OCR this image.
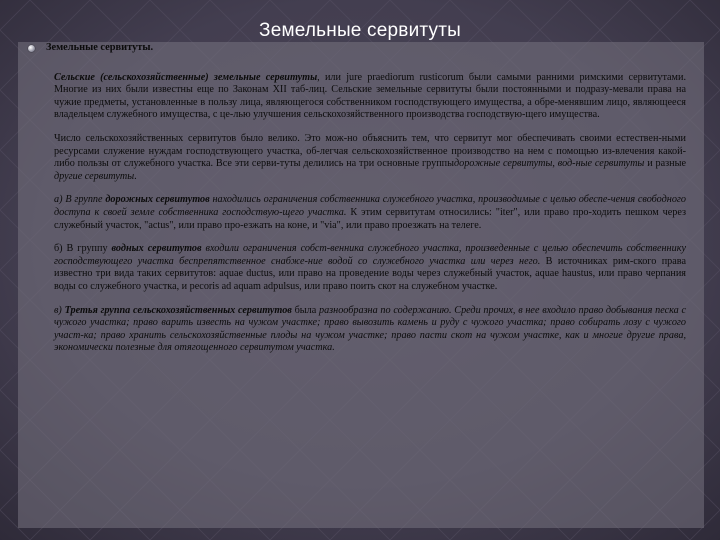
Земельные сервитуты
Земельные сервитуты.

Сельские (сельскохозяйственные) земельные сервитуты, или jure praediorum rusticorum были самыми ранними римскими сервитутами. Многие из них были известны еще по Законам XII таб-лиц. Сельские земельные сервитуты были постоянными и подразу-мевали права на чужие предметы, установленные в пользу лица, являющегося собственником господствующего имущества, а обре-менявшим лицо, являющееся владельцем служебного имущества, с це-лью улучшения сельскохозяйственного производства господствую-щего имущества.

Число сельскохозяйственных сервитутов было велико. Это мож-но объяснить тем, что сервитут мог обеспечивать своими естествен-ными ресурсами служение нуждам господствующего участка, об-легчая сельскохозяйственное производство на нем с помощью из-влечения какой-либо пользы от служебного участка. Все эти серви-туты делились на три основные группыдорожные сервитуты, вод-ные сервитуты и разные другие сервитуты.

а) В группе дорожных сервитутов находились ограничения собственника служебного участка, производимые с целью обеспе-чения свободного доступа к своей земле собственника господствую-щего участка. К этим сервитутам относились: "iter", или право про-ходить пешком через служебный участок, "actus", или право про-езжать на коне, и "via", или право проезжать на телеге.

б) В группу водных сервитутов входили ограничения собст-венника служебного участка, произведенные с целью обеспечить собственнику господствующего участка беспрепятственное снабже-ние водой со служебного участка или через него. В источниках рим-ского права известно три вида таких сервитутов: aquae ductus, или право на проведение воды через служебный участок, aquae haustus, или право черпания воды со служебного участка, и pecoris ad aquam adpulsus, или право поить скот на служебном участке.

в) Третья группа сельскохозяйственных сервитутов была разнообразна по содержанию. Среди прочих, в нее входило право добывания песка с чужого участка; право варить известь на чужом участке; право вывозить камень и руду с чужого участка; право собирать лозу с чужого участ-ка; право хранить сельскохозяйственные плоды на чужом участке; право пасти скот на чужом участке, как и многие другие права, экономически полезные для отягощенного сервитутом участка.
